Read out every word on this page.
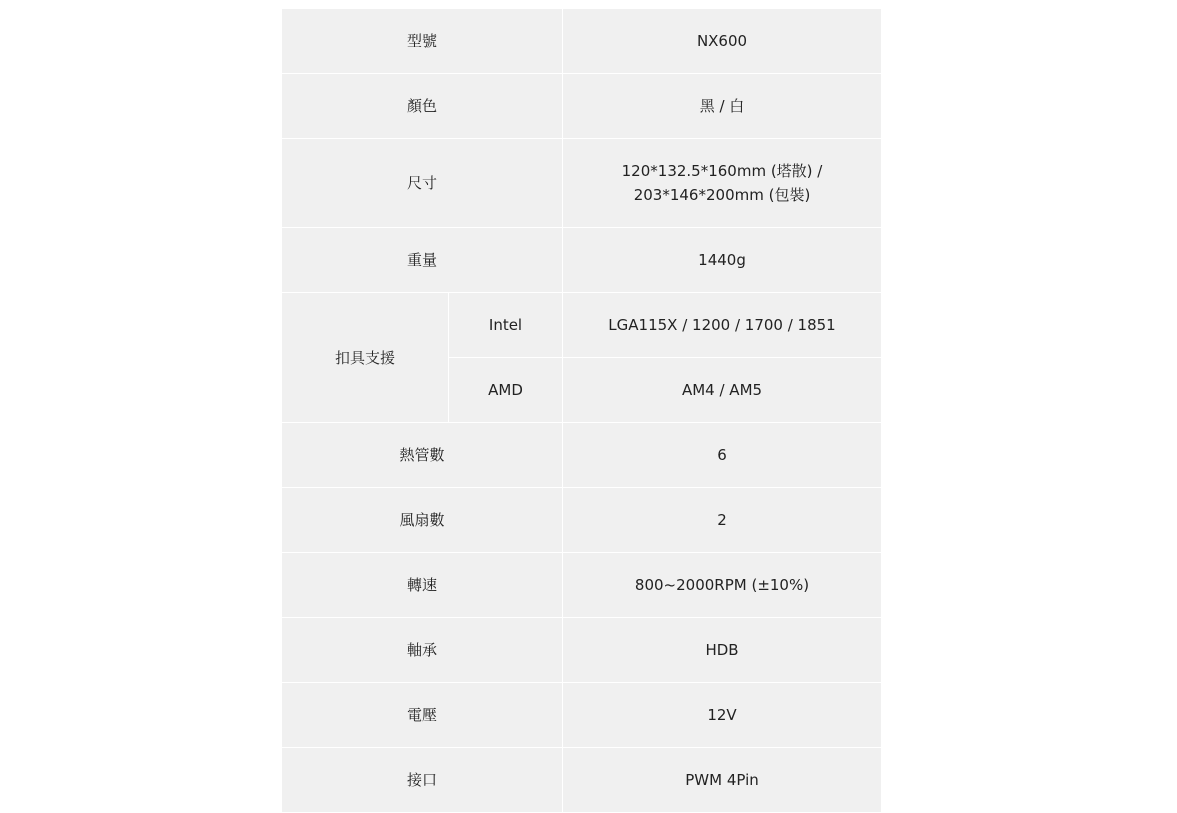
型號		NX600
顏色		黑 / 白
尺寸		120*132.5*160mm (塔散) /
203*146*200mm (包裝)

重量		1440g
扣具支援	Intel	LGA115X / 1200 / 1700 / 1851
	AMD	AM4 / AM5
熱管數		6
風扇數		2
轉速		800~2000RPM (±10%)
軸承		HDB
電壓		12V
接口		PWM 4Pin
